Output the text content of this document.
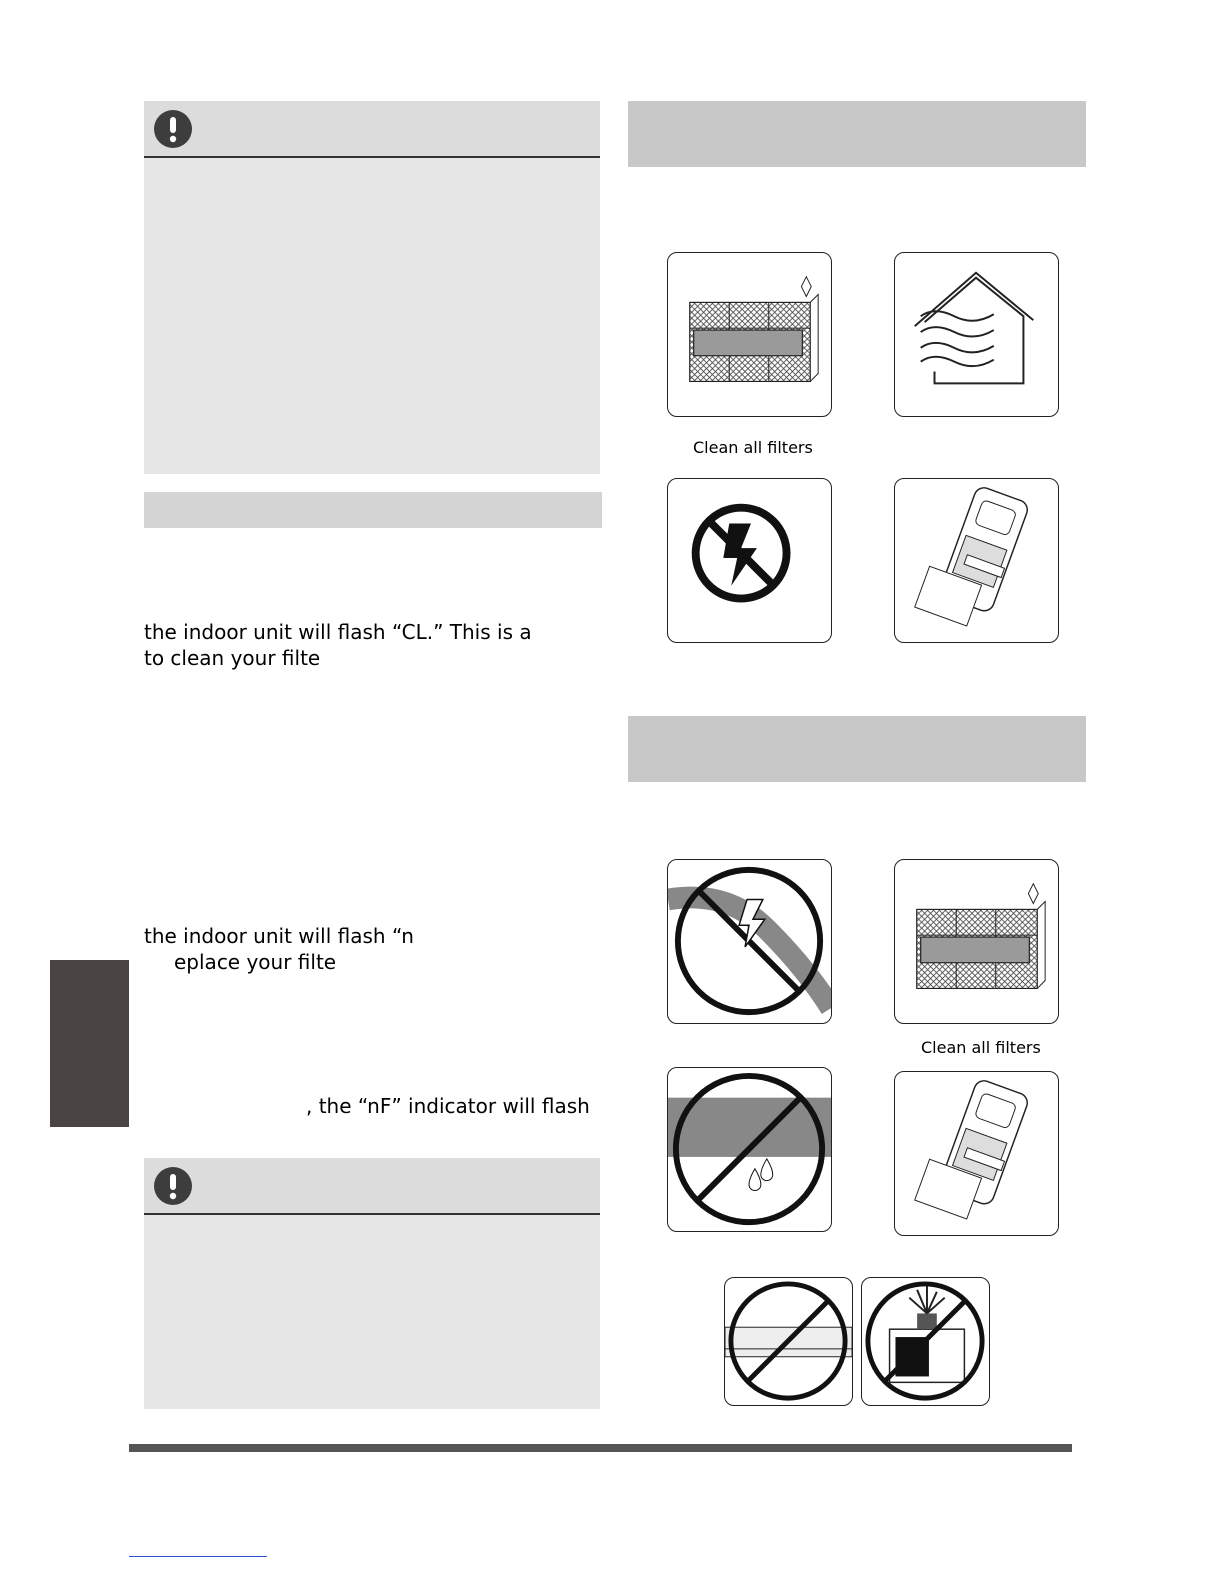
the indoor unit will flash “CL.” This is a
to clean your filte
the indoor unit will flash “n
eplace your filte
, the “nF” indicator will flash
Clean all filters
Clean all filters
